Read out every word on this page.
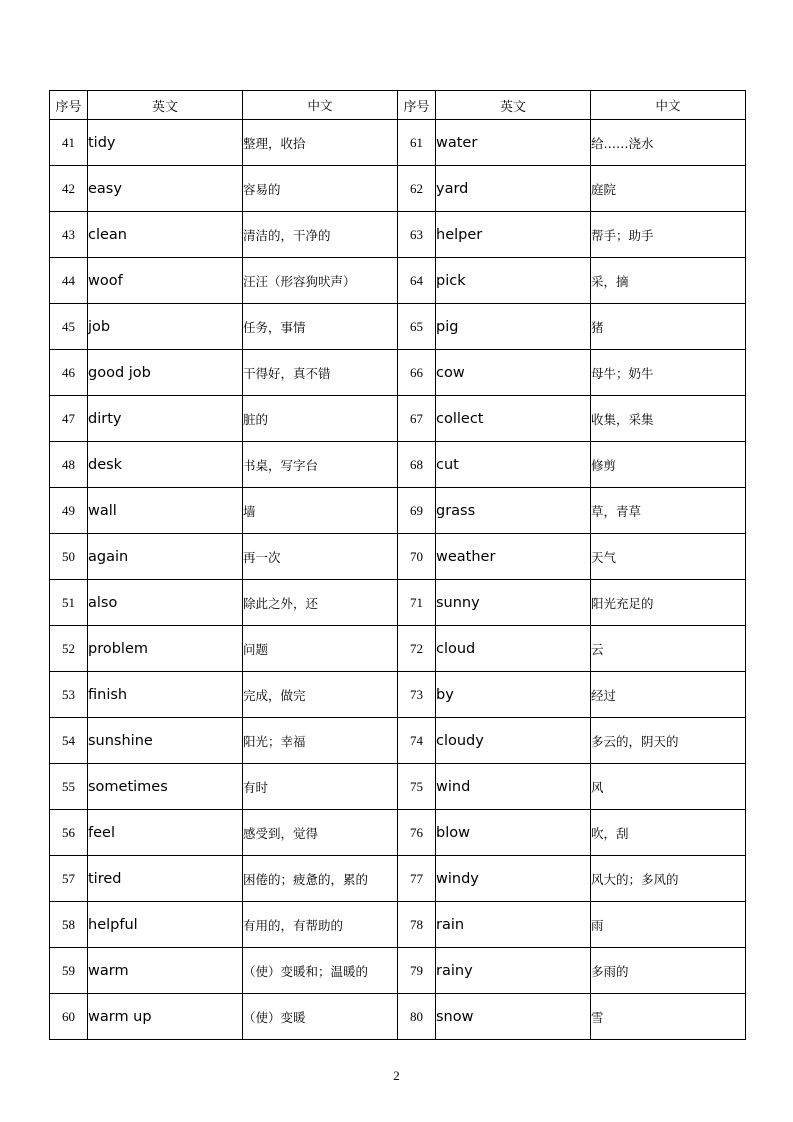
序号	英文	中文	序号	英文	中文
41	tidy	整理，收拾	61	water	给……浇水
42	easy	容易的	62	yard	庭院
43	clean	清洁的，干净的	63	helper	帮手；助手
44	woof	汪汪（形容狗吠声）	64	pick	采，摘
45	job	任务，事情	65	pig	猪
46	good job	干得好，真不错	66	cow	母牛；奶牛
47	dirty	脏的	67	collect	收集，采集
48	desk	书桌，写字台	68	cut	修剪
49	wall	墙	69	grass	草，青草
50	again	再一次	70	weather	天气
51	also	除此之外，还	71	sunny	阳光充足的
52	problem	问题	72	cloud	云
53	finish	完成，做完	73	by	经过
54	sunshine	阳光；幸福	74	cloudy	多云的，阴天的
55	sometimes	有时	75	wind	风
56	feel	感受到，觉得	76	blow	吹，刮
57	tired	困倦的；疲惫的，累的	77	windy	风大的；多风的
58	helpful	有用的，有帮助的	78	rain	雨
59	warm	（使）变暖和；温暖的	79	rainy	多雨的
60	warm up	（使）变暖	80	snow	雪
2
